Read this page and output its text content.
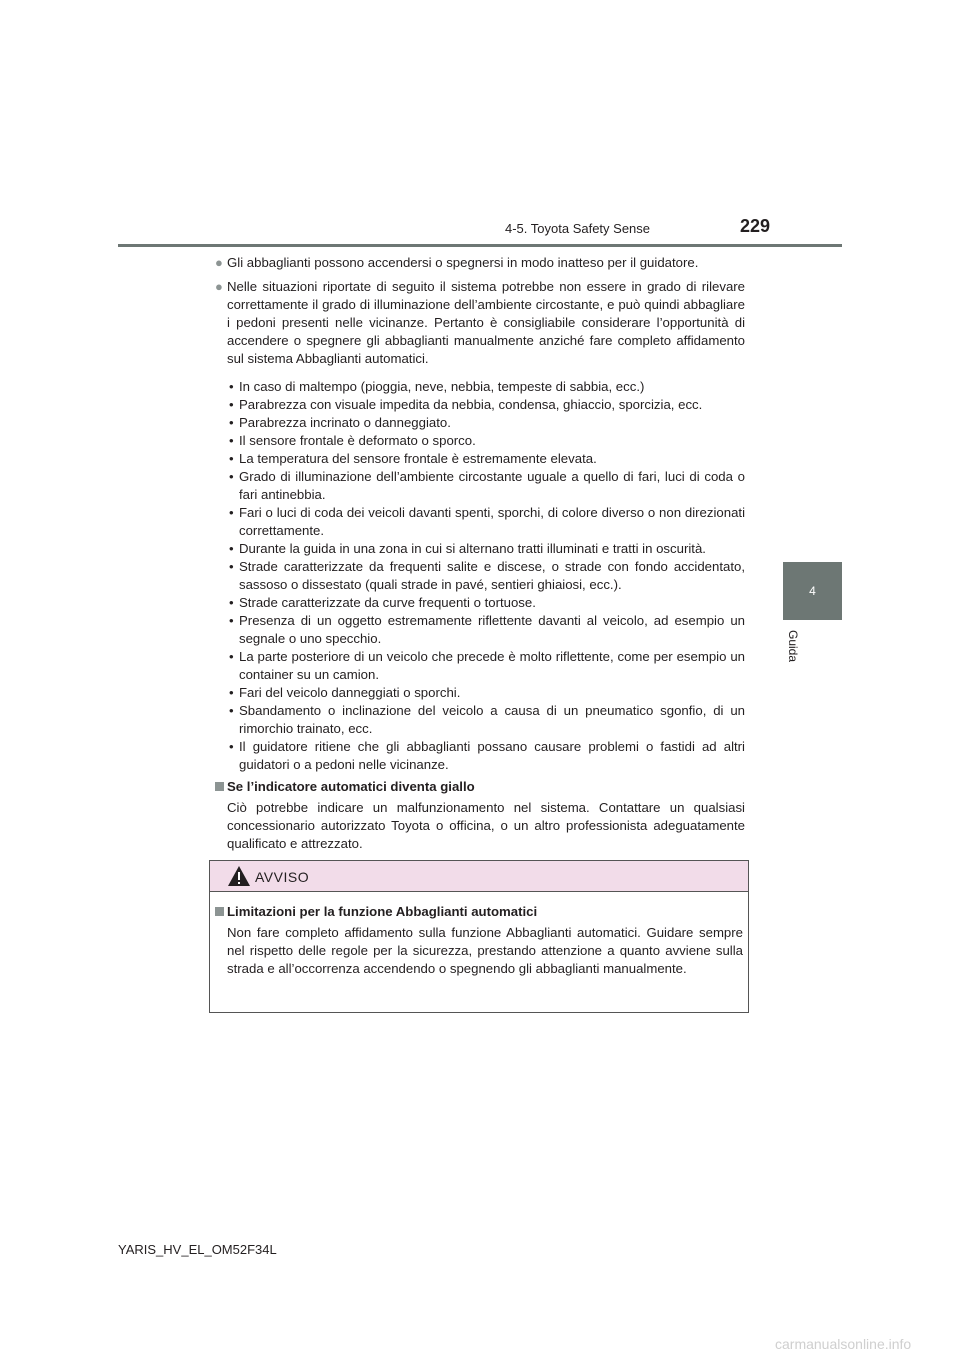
4-5. Toyota Safety Sense	229
4
Guida

● Gli abbaglianti possono accendersi o spegnersi in modo inatteso per il guidatore.

● Nelle situazioni riportate di seguito il sistema potrebbe non essere in grado di rilevare correttamente il grado di illuminazione dell’ambiente circostante, e può quindi abbagliare i pedoni presenti nelle vicinanze. Pertanto è consigliabile considerare l’opportunità di accendere o spegnere gli abbaglianti manualmente anziché fare completo affidamento sul sistema Abbaglianti automatici.

• In caso di maltempo (pioggia, neve, nebbia, tempeste di sabbia, ecc.)

• Parabrezza con visuale impedita da nebbia, condensa, ghiaccio, sporcizia, ecc.

• Parabrezza incrinato o danneggiato.

• Il sensore frontale è deformato o sporco.

• La temperatura del sensore frontale è estremamente elevata.

• Grado di illuminazione dell’ambiente circostante uguale a quello di fari, luci di coda o fari antinebbia.

• Fari o luci di coda dei veicoli davanti spenti, sporchi, di colore diverso o non direzionati correttamente.

• Durante la guida in una zona in cui si alternano tratti illuminati e tratti in oscurità.

• Strade caratterizzate da frequenti salite e discese, o strade con fondo accidentato, sassoso o dissestato (quali strade in pavé, sentieri ghiaiosi, ecc.).

• Strade caratterizzate da curve frequenti o tortuose.

• Presenza di un oggetto estremamente riflettente davanti al veicolo, ad esempio un segnale o uno specchio.

• La parte posteriore di un veicolo che precede è molto riflettente, come per esempio un container su un camion.

• Fari del veicolo danneggiati o sporchi.

• Sbandamento o inclinazione del veicolo a causa di un pneumatico sgonfio, di un rimorchio trainato, ecc.

• Il guidatore ritiene che gli abbaglianti possano causare problemi o fastidi ad altri guidatori o a pedoni nelle vicinanze.

Se l’indicatore automatici diventa giallo

Ciò potrebbe indicare un malfunzionamento nel sistema. Contattare un qualsiasi concessionario autorizzato Toyota o officina, o un altro professionista adeguatamente qualificato e attrezzato.

AVVISO

Limitazioni per la funzione Abbaglianti automatici

Non fare completo affidamento sulla funzione Abbaglianti automatici. Guidare sempre nel rispetto delle regole per la sicurezza, prestando attenzione a quanto avviene sulla strada e all’occorrenza accendendo o spegnendo gli abbaglianti manualmente.

YARIS_HV_EL_OM52F34L
carmanualsonline.info
